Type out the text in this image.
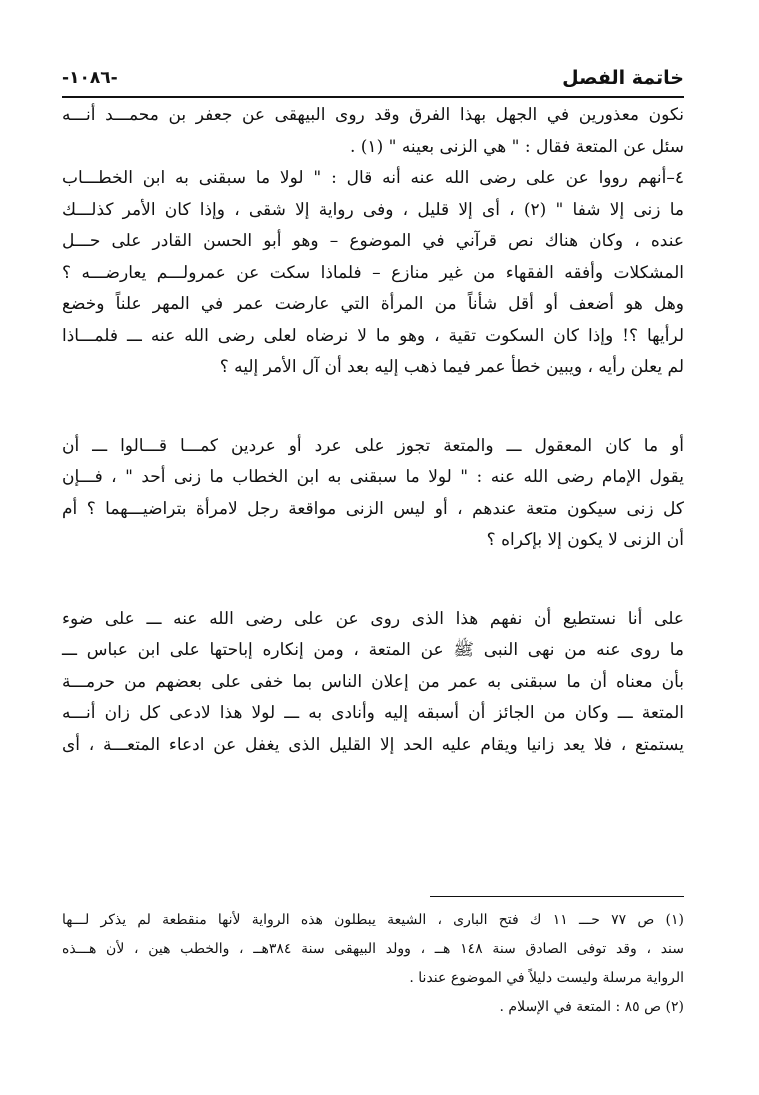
خاتمة الفصل
-١٠٨٦-

نكون معذورين في الجهل بهذا الفرق وقد روى البيهقى عن جعفر بن محمـــد أنـــه
سئل عن المتعة فقال : " هي الزنى بعينه " (١) .

٤–أنهم رووا عن على رضى الله عنه أنه قال : " لولا ما سبقنى به ابن الخطـــاب
ما زنى إلا شفا " (٢) ، أى إلا قليل ، وفى رواية إلا شقى ، وإذا كان الأمر كذلـــك
عنده ، وكان هناك نص قرآني في الموضوع – وهو أبو الحسن القادر على حـــل
المشكلات وأفقه الفقهاء من غير منازع – فلماذا سكت عن عمرولـــم يعارضـــه ؟
وهل هو أضعف أو أقل شأناً من المرأة التي عارضت عمر في المهر علناً وخضع
لرأيها ؟! وإذا كان السكوت تقية ، وهو ما لا نرضاه لعلى رضى الله عنه ـــ فلمـــاذا
لم يعلن رأيه ، ويبين خطأ عمر فيما ذهب إليه بعد أن آل الأمر إليه ؟

أو ما كان المعقول ـــ والمتعة تجوز على عرد أو عردين كمـــا قـــالوا ـــ أن
يقول الإمام رضى الله عنه : " لولا ما سبقنى به ابن الخطاب ما زنى أحد " ، فـــإن
كل زنى سيكون متعة عندهم ، أو ليس الزنى مواقعة رجل لامرأة بتراضيـــهما ؟ أم
أن الزنى لا يكون إلا بإكراه ؟

على أنا نستطيع أن نفهم هذا الذى روى عن على رضى الله عنه ـــ على ضوء
ما روى عنه من نهى النبى ﷺ عن المتعة ، ومن إنكاره إباحتها على ابن عباس ـــ
بأن معناه أن ما سبقنى به عمر من إعلان الناس بما خفى على بعضهم من حرمـــة
المتعة ـــ وكان من الجائز أن أسبقه إليه وأنادى به ـــ لولا هذا لادعى كل زان أنـــه
يستمتع ، فلا يعد زانيا ويقام عليه الحد إلا القليل الذى يغفل عن ادعاء المتعـــة ، أى

(١) ص ٧٧ حـــ ١١ ك فتح البارى ، الشيعة يبطلون هذه الرواية لأنها منقطعة لم يذكر لـــها

سند ، وقد توفى الصادق سنة ١٤٨ هــ ، وولد البيهقى سنة ٣٨٤هــ ، والخطب هين ، لأن هـــذه

الرواية مرسلة وليست دليلاً في الموضوع عندنا .

(٢) ص ٨٥ : المتعة في الإسلام .
